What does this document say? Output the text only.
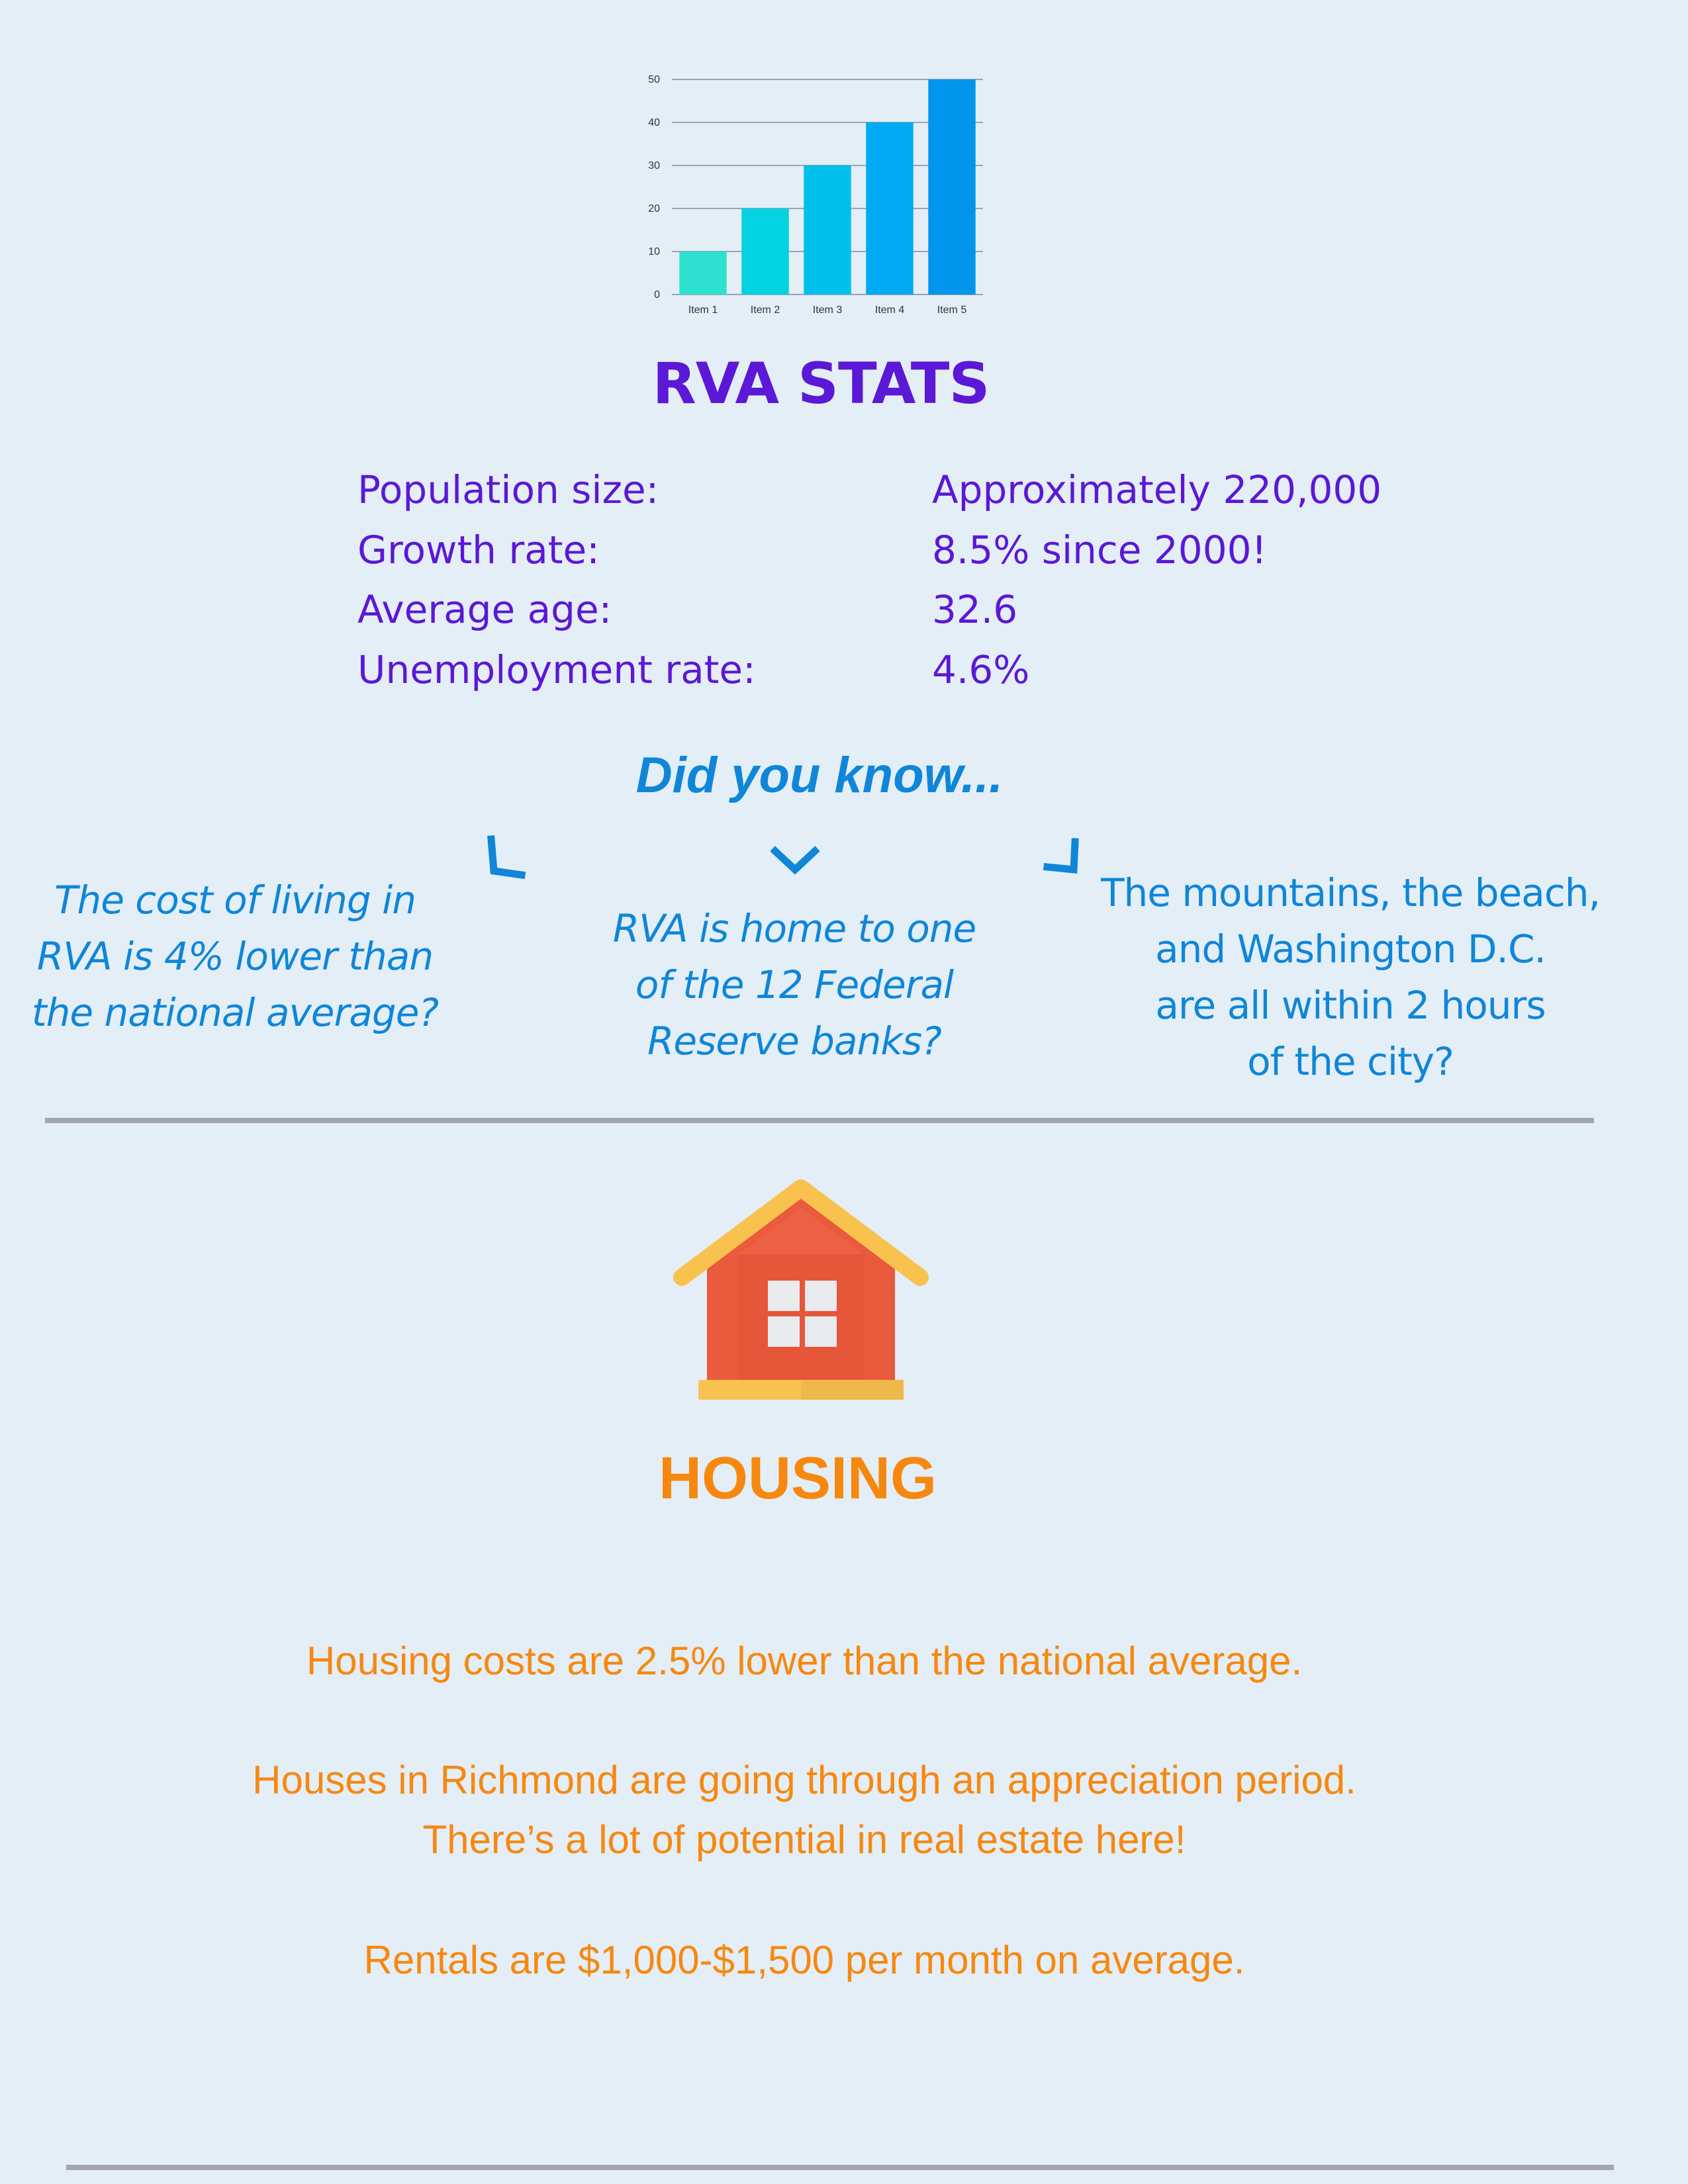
0
10
20
30
40
50
Item 1	Item 2	Item 3	Item 4	Item 5
RVA STATS
Population size:	Approximately 220,000
Growth rate:	8.5% since 2000!
Average age:	32.6
Unemployment rate:	4.6%
Did you know...
The cost of living in
RVA is 4% lower than
the national average?
RVA is home to one
of the 12 Federal
Reserve banks?
The mountains, the beach,
and Washington D.C.
are all within 2 hours
of the city?
HOUSING
Housing costs are 2.5% lower than the national average.
Houses in Richmond are going through an appreciation period.
There’s a lot of potential in real estate here!
Rentals are $1,000-$1,500 per month on average.
